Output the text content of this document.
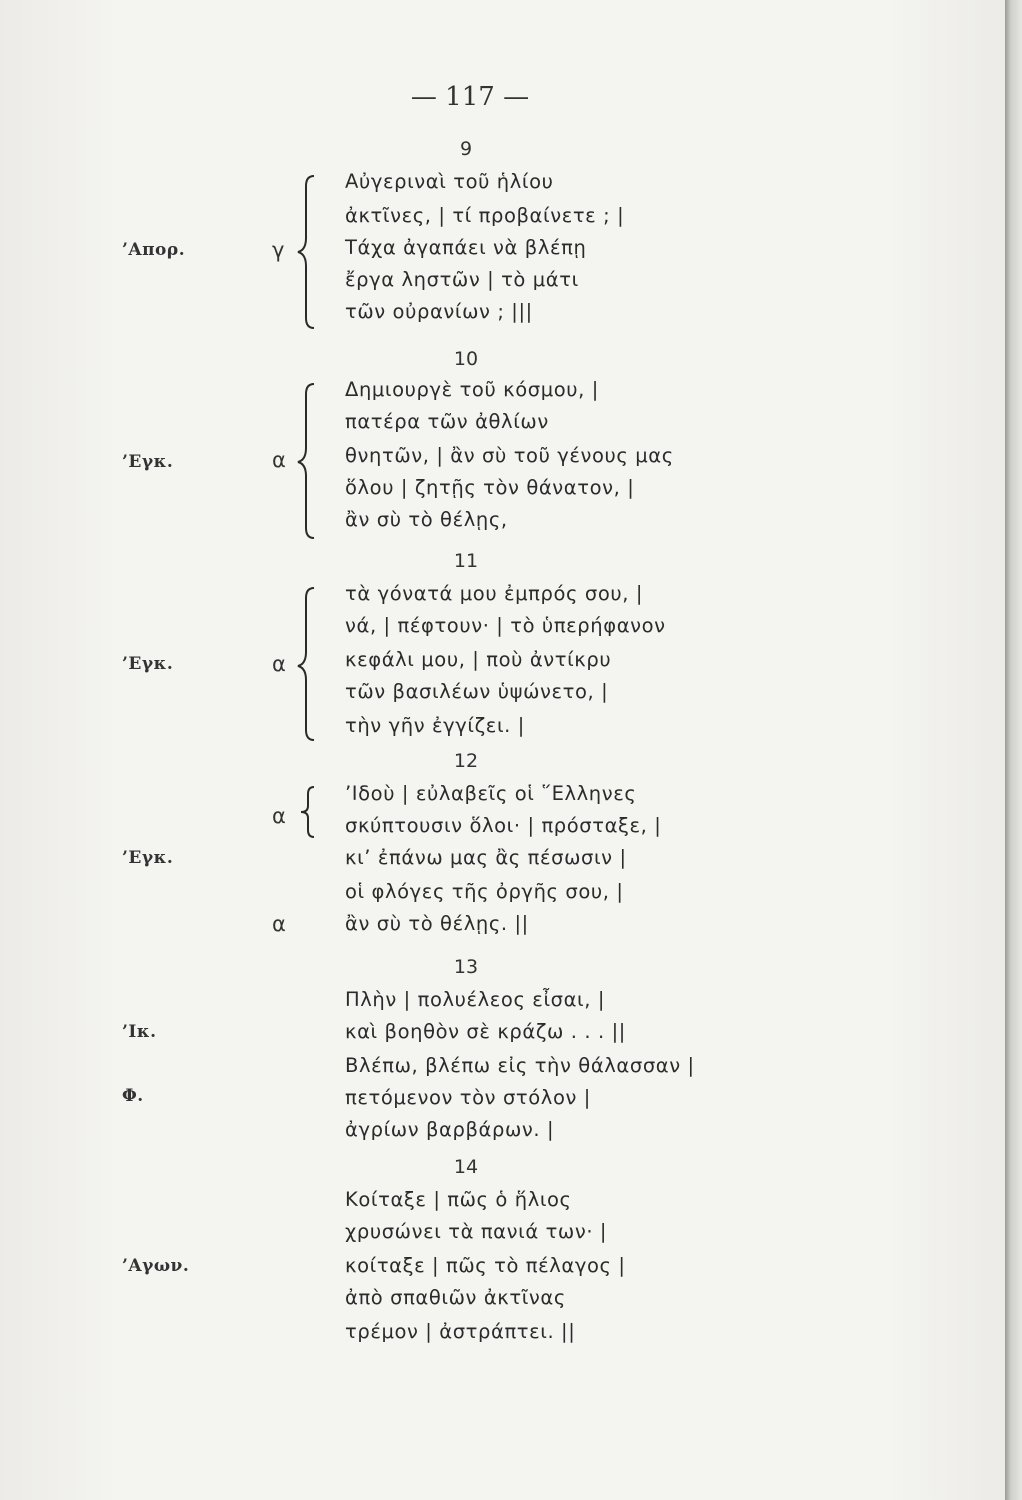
— 117 —
9
’Απορ.	γ
Αὐγεριναὶ τοῦ ἡλίου
ἀκτῖνες, | τί προβαίνετε ; |
Τάχα ἀγαπάει νὰ βλέπῃ
ἔργα ληστῶν | τὸ μάτι
τῶν οὐρανίων ; |||
10
’Εγκ.	α
Δημιουργὲ τοῦ κόσμου, |
πατέρα τῶν ἀθλίων
θνητῶν, | ἂν σὺ τοῦ γένους μας
ὅλου | ζητῇς τὸν θάνατον, |
ἂν σὺ τὸ θέλῃς,
11
’Εγκ.	α
τὰ γόνατά μου ἐμπρός σου, |
νά, | πέφτουν· | τὸ ὑπερήφανον
κεφάλι μου, | ποὺ ἀντίκρυ
τῶν βασιλέων ὑψώνετο, |
τὴν γῆν ἐγγίζει. |
12
’Εγκ.
α
α
’Ιδοὺ | εὐλαβεῖς οἱ ῞Ελληνες
σκύπτουσιν ὅλοι· | πρόσταξε, |
κι’ ἐπάνω μας ἂς πέσωσιν |
οἱ φλόγες τῆς ὀργῆς σου, |
ἂν σὺ τὸ θέλῃς. ||
13
’Ικ.
Φ.
Πλὴν | πολυέλεος εἶσαι, |
καὶ βοηθὸν σὲ κράζω . . . ||
Βλέπω, βλέπω εἰς τὴν θάλασσαν |
πετόμενον τὸν στόλον |
ἀγρίων βαρβάρων. |
14
’Αγων.
Κοίταξε | πῶς ὁ ἥλιος
χρυσώνει τὰ πανιά των· |
κοίταξε | πῶς τὸ πέλαγος |
ἀπὸ σπαθιῶν ἀκτῖνας
τρέμον | ἀστράπτει. ||
